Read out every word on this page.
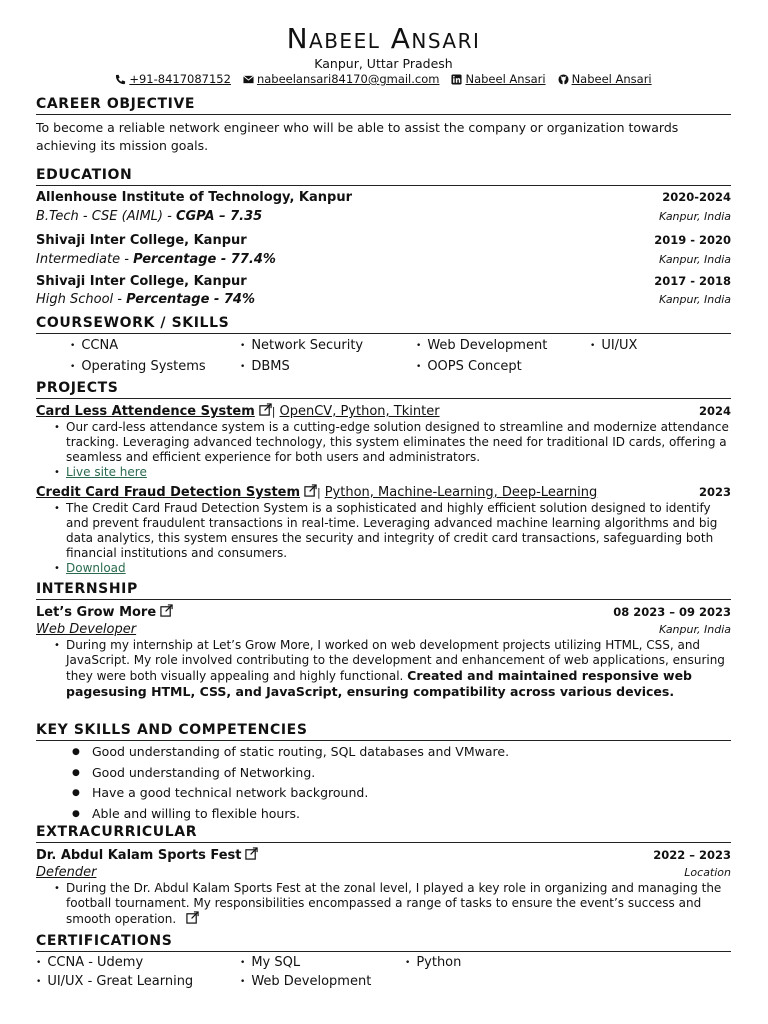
Nabeel Ansari
Kanpur, Uttar Pradesh
+91-8417087152 nabeelansari84170@gmail.com Nabeel Ansari Nabeel Ansari
CAREER OBJECTIVE
To become a reliable network engineer who will be able to assist the company or organization towards achieving its mission goals.
EDUCATION
Allenhouse Institute of Technology, Kanpur	2020-2024
B.Tech - CSE (AIML) - CGPA – 7.35	Kanpur, India
Shivaji Inter College, Kanpur	2019 - 2020
Intermediate - Percentage - 77.4%	Kanpur, India
Shivaji Inter College, Kanpur	2017 - 2018
High School - Percentage - 74%	Kanpur, India
COURSEWORK / SKILLS
• CCNA	• Network Security	• Web Development	• UI/UX
• Operating Systems	• DBMS	• OOPS Concept
PROJECTS
Card Less Attendence System | OpenCV, Python, Tkinter	2024
• Our card-less attendance system is a cutting-edge solution designed to streamline and modernize attendance tracking. Leveraging advanced technology, this system eliminates the need for traditional ID cards, offering a seamless and efficient experience for both users and administrators.
• Live site here
Credit Card Fraud Detection System | Python, Machine-Learning, Deep-Learning	2023
• The Credit Card Fraud Detection System is a sophisticated and highly efficient solution designed to identify and prevent fraudulent transactions in real-time. Leveraging advanced machine learning algorithms and big data analytics, this system ensures the security and integrity of credit card transactions, safeguarding both financial institutions and consumers.
• Download
INTERNSHIP
Let’s Grow More	08 2023 – 09 2023
Web Developer	Kanpur, India
• During my internship at Let’s Grow More, I worked on web development projects utilizing HTML, CSS, and JavaScript. My role involved contributing to the development and enhancement of web applications, ensuring they were both visually appealing and highly functional. Created and maintained responsive web pagesusing HTML, CSS, and JavaScript, ensuring compatibility across various devices.
KEY SKILLS AND COMPETENCIES
● Good understanding of static routing, SQL databases and VMware.
● Good understanding of Networking.
● Have a good technical network background.
● Able and willing to flexible hours.
EXTRACURRICULAR
Dr. Abdul Kalam Sports Fest	2022 – 2023
Defender	Location
• During the Dr. Abdul Kalam Sports Fest at the zonal level, I played a key role in organizing and managing the football tournament. My responsibilities encompassed a range of tasks to ensure the event’s success and smooth operation.
CERTIFICATIONS
• CCNA - Udemy	• My SQL	• Python
• UI/UX - Great Learning	• Web Development
